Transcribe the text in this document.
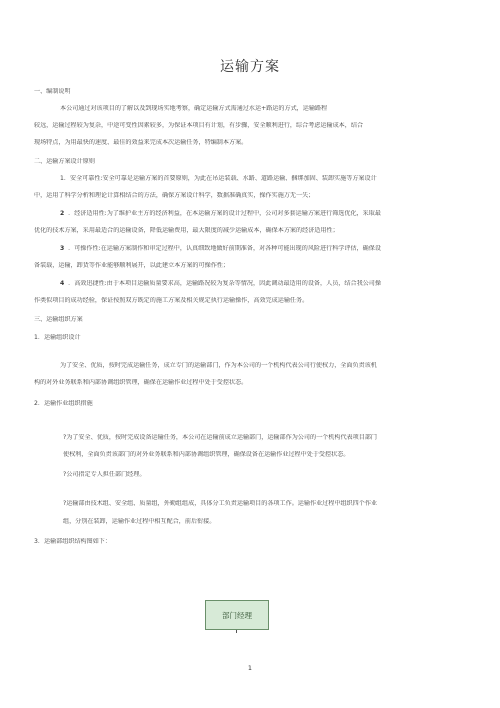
运输方案
一、编制说明
本公司通过对该项目的了解以及到现场实地考察，确定运输方式需通过水运+路运的方式，运输路程
较远，运输过程较为复杂，中途可变性因素较多，为保证本项目有计划，有步骤，安全顺利进行，综合考虑运输成本，结合
现场特点，为用最快的速度、最佳的效益来完成本次运输任务，特编制本方案。
二、运输方案设计原则
1．安全可靠性:安全可靠是运输方案的首要原则，为此在吊运装载、水路、道路运输、捆绑加固、装卸实施等方案设计
中，运用了科学分析和理论计算相结合的方法，确保方案设计科学，数据准确真实，操作实施万无一失；
2 ．经济适用性:为了维护业主方的经济利益，在本运输方案的设计过程中，公司对多套运输方案进行筛选优化，采取最
优化的技术方案，采用最适合的运输设备，降低运输费用，最大限度的减少运输成本，确保本方案的经济适用性；
3 ．可操作性:在运输方案制作和审定过程中，认真细致地做好前期准备，对各种可能出现的风险进行科学评估，确保设
备装载，运输，卸货等作业能够顺利展开，以此建立本方案的可操作性；
4 ．高效迅捷性:由于本项目运输质量要求高，运输路况较为复杂等情况，因此调动最适用的设备，人员，结合我公司操
作类似项目的成功经验，保证按照双方既定的施工方案及相关规定执行运输操作，高效完成运输任务。
三、运输组织方案
1．运输组织设计
为了安全、优质，按时完成运输任务，成立专门的运输部门，作为本公司的一个机构代表公司行使权力，全面负责该机
构的对外业务联系和内部协调组织管理，确保在运输作业过程中处于受控状态。
2．运输作业组织措施
?为了安全、优质，按时完成设备运输任务，本公司在运输前成立运输部门，运输部作为公司的一个机构代表项目部门
使权利，全面负责该部门的对外业务联系和内部协调组织管理，确保设备在运输作业过程中处于受控状态。
?公司指定专人担任部门经理。
?运输部由技术组、安全组、质量组，外勤组组成，具体分工负责运输项目的各项工作。运输作业过程中组织四个作业
组，分别在装卸，运输作业过程中相互配合，前后衔接。
3．运输部组织结构图如下：
部门经理
1
